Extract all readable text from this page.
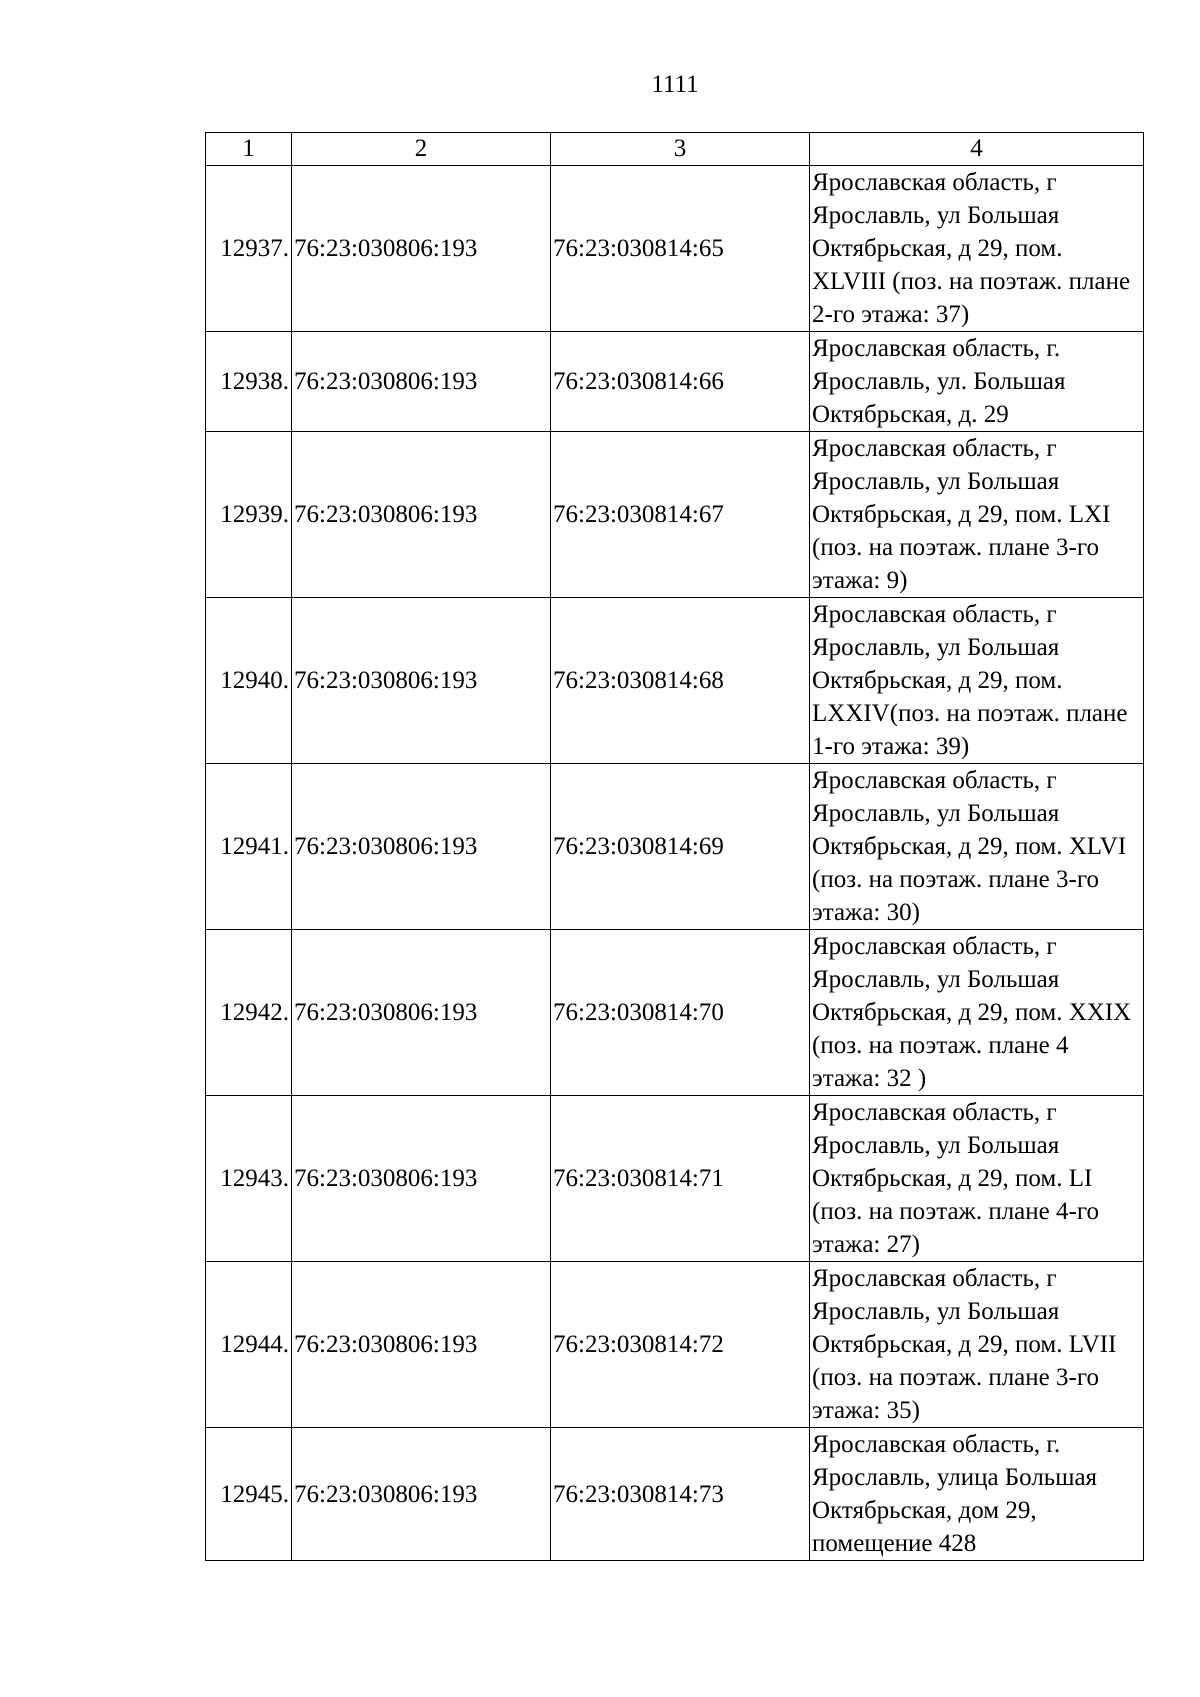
1111
1	2	3	4
12937.	76:23:030806:193	76:23:030814:65	Ярославская область, г Ярославль, ул Большая Октябрьская, д 29, пом. XLVIII (поз. на поэтаж. плане 2-го этажа: 37)
12938.	76:23:030806:193	76:23:030814:66	Ярославская область, г. Ярославль, ул. Большая Октябрьская, д. 29
12939.	76:23:030806:193	76:23:030814:67	Ярославская область, г Ярославль, ул Большая Октябрьская, д 29, пом. LXI (поз. на поэтаж. плане 3-го этажа: 9)
12940.	76:23:030806:193	76:23:030814:68	Ярославская область, г Ярославль, ул Большая Октябрьская, д 29, пом. LXXIV(поз. на поэтаж. плане 1-го этажа: 39)
12941.	76:23:030806:193	76:23:030814:69	Ярославская область, г Ярославль, ул Большая Октябрьская, д 29, пом. XLVI (поз. на поэтаж. плане 3-го этажа: 30)
12942.	76:23:030806:193	76:23:030814:70	Ярославская область, г Ярославль, ул Большая Октябрьская, д 29, пом. XXIX (поз. на поэтаж. плане 4 этажа: 32 )
12943.	76:23:030806:193	76:23:030814:71	Ярославская область, г Ярославль, ул Большая Октябрьская, д 29, пом. LI (поз. на поэтаж. плане 4-го этажа: 27)
12944.	76:23:030806:193	76:23:030814:72	Ярославская область, г Ярославль, ул Большая Октябрьская, д 29, пом. LVII (поз. на поэтаж. плане 3-го этажа: 35)
12945.	76:23:030806:193	76:23:030814:73	Ярославская область, г. Ярославль, улица Большая Октябрьская, дом 29, помещение 428
